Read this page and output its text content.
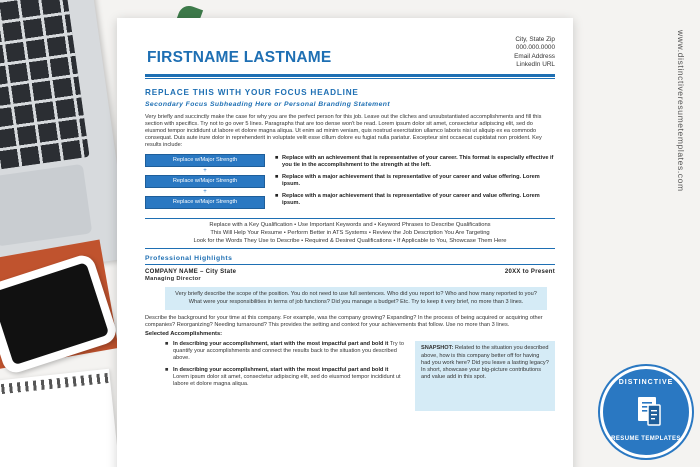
FIRSTNAME LASTNAME
City, State Zip
000.000.0000
Email Address
LinkedIn URL
REPLACE THIS WITH YOUR FOCUS HEADLINE
Secondary Focus Subheading Here or Personal Branding Statement
Very briefly and succinctly make the case for why you are the perfect person for this job. Leave out the cliches and unsubstantiated accomplishments and fill this section with specifics. Try not to go over 5 lines. Paragraphs that are too dense won't be read. Lorem ipsum dolor sit amet, consectetur adipiscing elit, sed do eiusmod tempor incididunt ut labore et dolore magna aliqua. Ut enim ad minim veniam, quis nostrud exercitation ullamco laboris nisi ut aliquip ex ea commodo consequat. Duis aute irure dolor in reprehenderit in voluptate velit esse cillum dolore eu fugiat nulla pariatur. Excepteur sint occaecat cupidatat non proident. Key results include:
Replace w/Major Strength
+
Replace w/Major Strength
+
Replace w/Major Strength
■ Replace with an achievement that is representative of your career. This format is especially effective if you tie in the accomplishment to the strength at the left.
■ Replace with a major achievement that is representative of your career and value offering. Lorem ipsum.
■ Replace with a major achievement that is representative of your career and value offering. Lorem ipsum.
Replace with a Key Qualification • Use Important Keywords and • Keyword Phrases to Describe Qualifications
This Will Help Your Resume • Perform Better in ATS Systems • Review the Job Description You Are Targeting
Look for the Words They Use to Describe • Required & Desired Qualifications • If Applicable to You, Showcase Them Here
Professional Highlights
COMPANY NAME – City State	20XX to Present
Managing Director
Very briefly describe the scope of the position. You do not need to use full sentences. Who did you report to? Who and how many reported to you? What were your responsibilities in terms of job functions? Did you manage a budget? Etc. Try to keep it very brief, no more than 3 lines.
Describe the background for your time at this company. For example, was the company growing? Expanding? In the process of being acquired or acquiring other companies? Reorganizing? Needing turnaround? This provides the setting and context for your achievements that follow. Use no more than 3 lines.
Selected Accomplishments:
■ In describing your accomplishment, start with the most impactful part and bold it Try to quantify your accomplishments and connect the results back to the situation you described above.
■ In describing your accomplishment, start with the most impactful part and bold it Lorem ipsum dolor sit amet, consectetur adipiscing elit, sed do eiusmod tempor incididunt ut labore et dolore magna aliqua.
SNAPSHOT: Related to the situation you described above, how is this company better off for having had you work here? Did you leave a lasting legacy? In short, showcase your big-picture contributions and value add in this spot.
www.distinctiveresumetemplates.com
DISTINCTIVE
RESUME TEMPLATES
